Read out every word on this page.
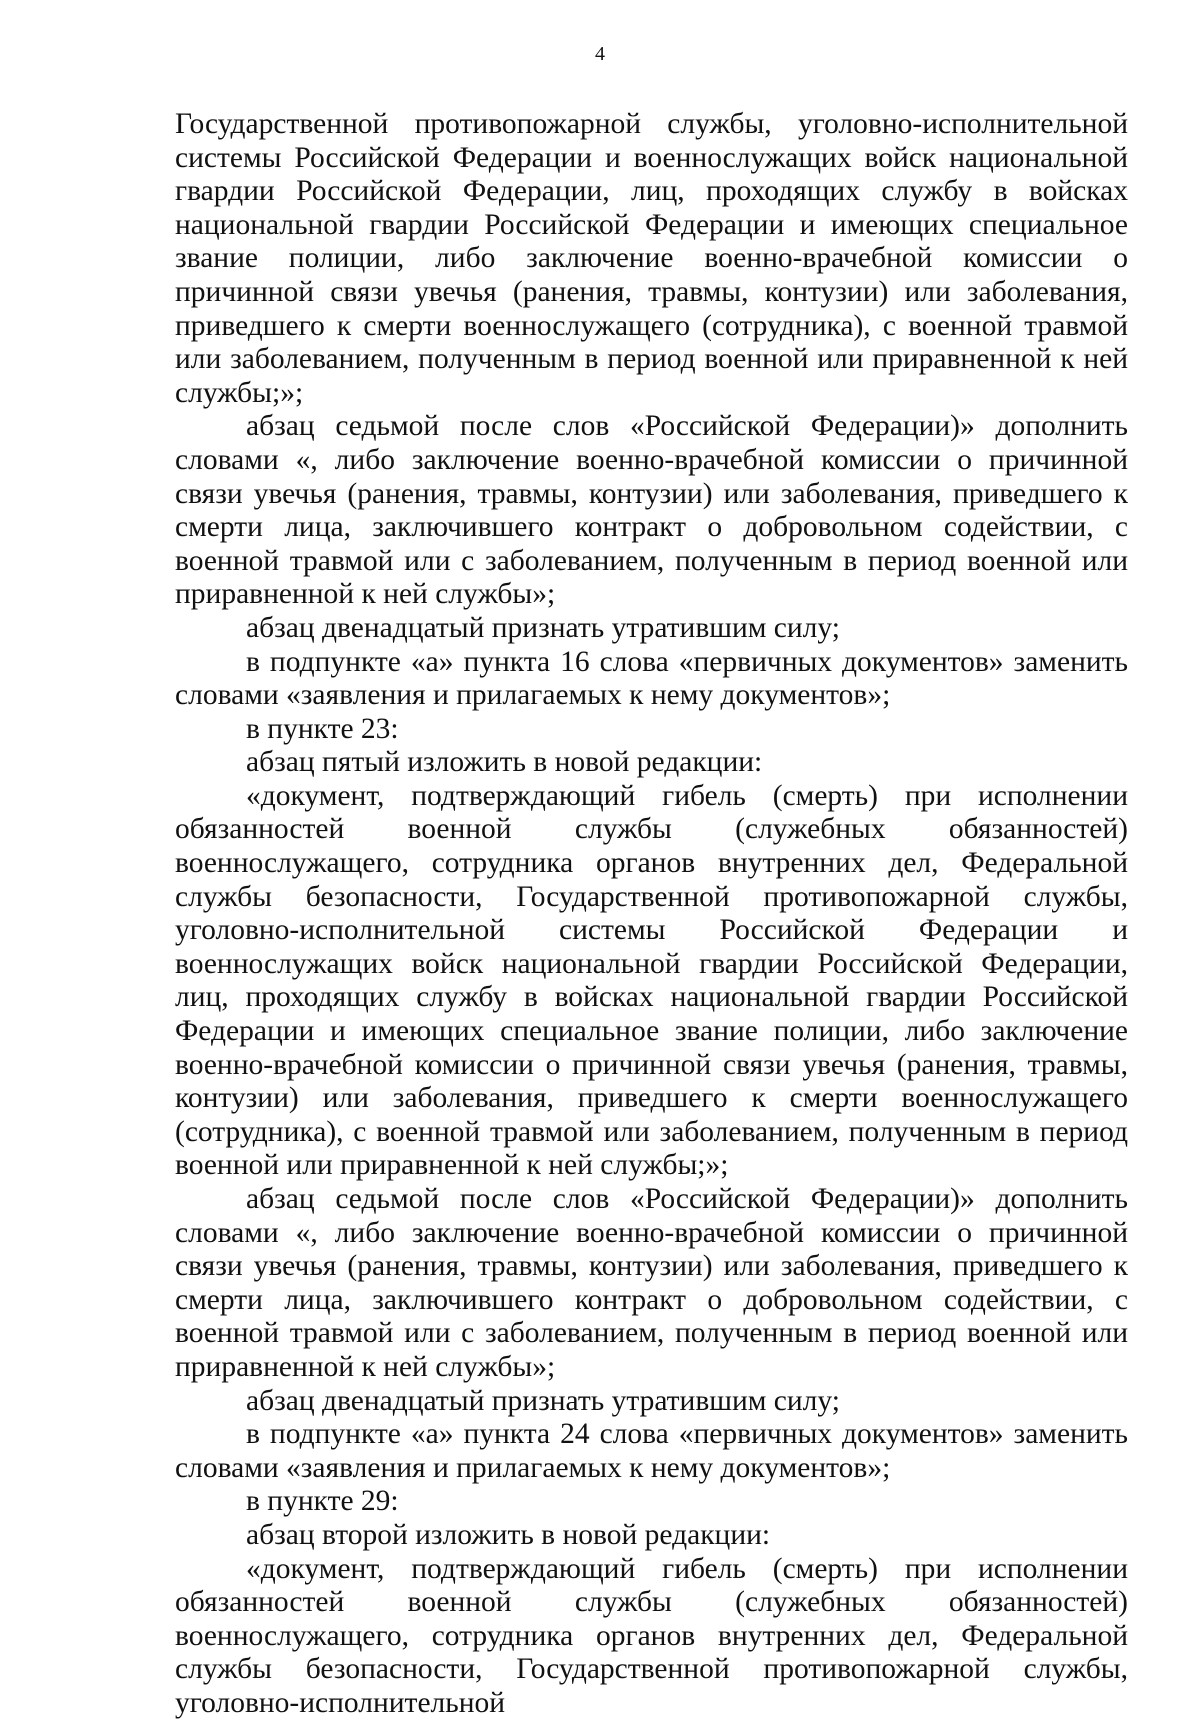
4

Государственной противопожарной службы, уголовно-исполнительной системы Российской Федерации и военнослужащих войск национальной гвардии Российской Федерации, лиц, проходящих службу в войсках национальной гвардии Российской Федерации и имеющих специальное звание полиции, либо заключение военно-врачебной комиссии о причинной связи увечья (ранения, травмы, контузии) или заболевания, приведшего к смерти военнослужащего (сотрудника), с военной травмой или заболеванием, полученным в период военной или приравненной к ней службы;»;

абзац седьмой после слов «Российской Федерации)» дополнить словами «, либо заключение военно-врачебной комиссии о причинной связи увечья (ранения, травмы, контузии) или заболевания, приведшего к смерти лица, заключившего контракт о добровольном содействии, с военной травмой или с заболеванием, полученным в период военной или приравненной к ней службы»;

абзац двенадцатый признать утратившим силу;

в подпункте «а» пункта 16 слова «первичных документов» заменить словами «заявления и прилагаемых к нему документов»;

в пункте 23:

абзац пятый изложить в новой редакции:

«документ, подтверждающий гибель (смерть) при исполнении обязанностей военной службы (служебных обязанностей) военнослужащего, сотрудника органов внутренних дел, Федеральной службы безопасности, Государственной противопожарной службы, уголовно-исполнительной системы Российской Федерации и военнослужащих войск национальной гвардии Российской Федерации, лиц, проходящих службу в войсках национальной гвардии Российской Федерации и имеющих специальное звание полиции, либо заключение военно-врачебной комиссии о причинной связи увечья (ранения, травмы, контузии) или заболевания, приведшего к смерти военнослужащего (сотрудника), с военной травмой или заболеванием, полученным в период военной или приравненной к ней службы;»;

абзац седьмой после слов «Российской Федерации)» дополнить словами «, либо заключение военно-врачебной комиссии о причинной связи увечья (ранения, травмы, контузии) или заболевания, приведшего к смерти лица, заключившего контракт о добровольном содействии, с военной травмой или с заболеванием, полученным в период военной или приравненной к ней службы»;

абзац двенадцатый признать утратившим силу;

в подпункте «а» пункта 24 слова «первичных документов» заменить словами «заявления и прилагаемых к нему документов»;

в пункте 29:

абзац второй изложить в новой редакции:

«документ, подтверждающий гибель (смерть) при исполнении обязанностей военной службы (служебных обязанностей) военнослужащего, сотрудника органов внутренних дел, Федеральной службы безопасности, Государственной противопожарной службы, уголовно-исполнительной
